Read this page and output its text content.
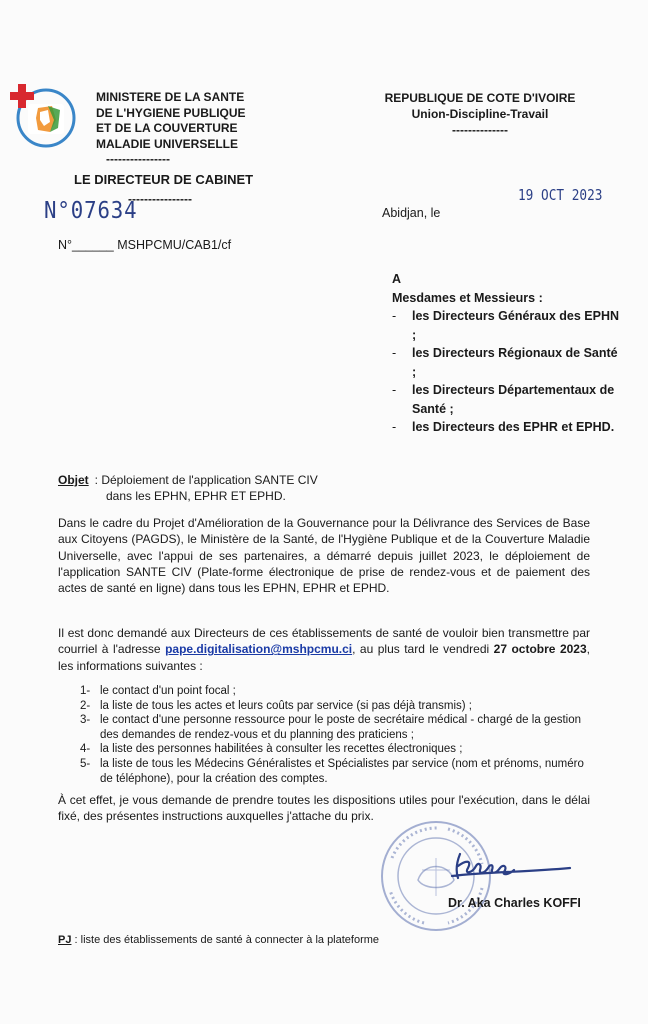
MINISTERE DE LA SANTE
DE L'HYGIENE PUBLIQUE
ET DE LA COUVERTURE
MALADIE UNIVERSELLE
----------------
REPUBLIQUE DE COTE D'IVOIRE
Union-Discipline-Travail
--------------
LE DIRECTEUR DE CABINET
----------------
N°07634
19 OCT 2023
Abidjan, le
N°______ MSHPCMU/CAB1/cf
A
Mesdames et Messieurs :
- les Directeurs Généraux des EPHN ;
- les Directeurs Régionaux de Santé ;
- les Directeurs Départementaux de Santé ;
- les Directeurs des EPHR et EPHD.
Objet : Déploiement de l'application SANTE CIV
dans les EPHN, EPHR ET EPHD.
Dans le cadre du Projet d'Amélioration de la Gouvernance pour la Délivrance des Services de Base aux Citoyens (PAGDS), le Ministère de la Santé, de l'Hygiène Publique et de la Couverture Maladie Universelle, avec l'appui de ses partenaires, a démarré depuis juillet 2023, le déploiement de l'application SANTE CIV (Plate-forme électronique de prise de rendez-vous et de paiement des actes de santé en ligne) dans tous les EPHN, EPHR et EPHD.
Il est donc demandé aux Directeurs de ces établissements de santé de vouloir bien transmettre par courriel à l'adresse pape.digitalisation@mshpcmu.ci, au plus tard le vendredi 27 octobre 2023, les informations suivantes :
1- le contact d'un point focal ;
2- la liste de tous les actes et leurs coûts par service (si pas déjà transmis) ;
3- le contact d'une personne ressource pour le poste de secrétaire médical - chargé de la gestion des demandes de rendez-vous et du planning des praticiens ;
4- la liste des personnes habilitées à consulter les recettes électroniques ;
5- la liste de tous les Médecins Généralistes et Spécialistes par service (nom et prénoms, numéro de téléphone), pour la création des comptes.
À cet effet, je vous demande de prendre toutes les dispositions utiles pour l'exécution, dans le délai fixé, des présentes instructions auxquelles j'attache du prix.
Dr. Aka Charles KOFFI
PJ : liste des établissements de santé à connecter à la plateforme
